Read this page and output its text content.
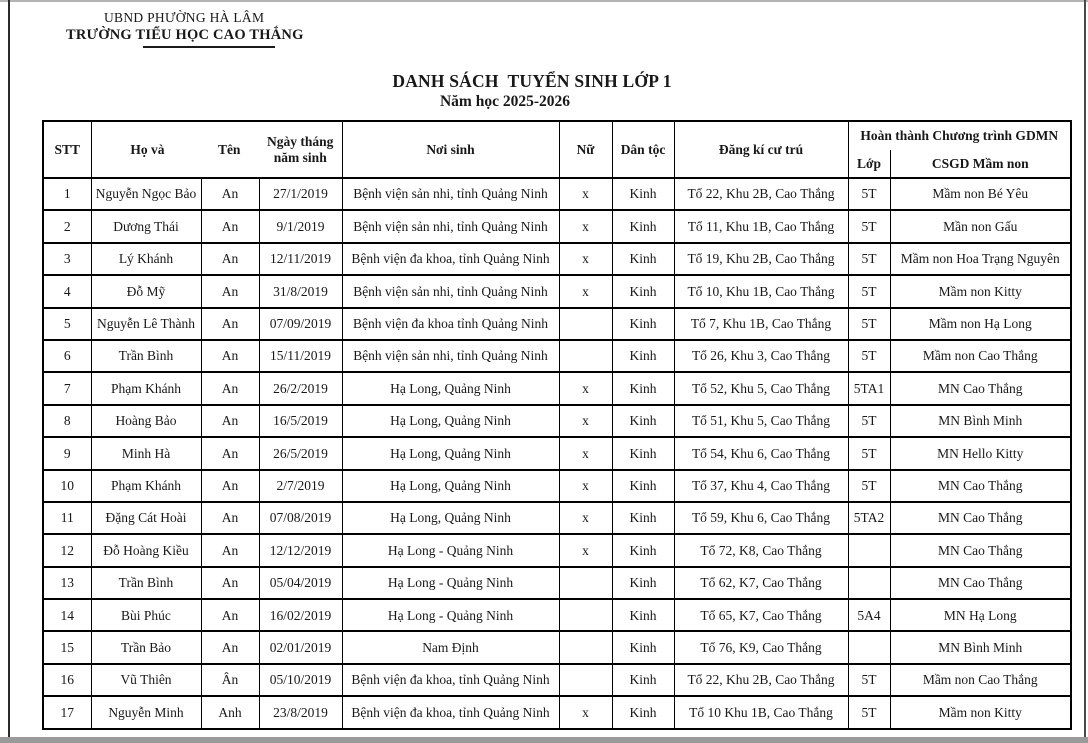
UBND PHƯỜNG HÀ LÂM
TRƯỜNG TIỂU HỌC CAO THẮNG
DANH SÁCH  TUYỂN SINH LỚP 1
Năm học 2025-2026
STT	Họ và Tên		Ngày tháng năm sinh	Nơi sinh	Nữ	Dân tộc	Đăng kí cư trú	Hoàn thành Chương trình GDMN	
								Lớp	CSGD Mầm non
1	Nguyễn Ngọc Bảo	An	27/1/2019	Bệnh viện sản nhi, tỉnh Quảng Ninh	x	Kinh	Tổ 22, Khu 2B, Cao Thắng	5T	Mầm non Bé Yêu
2	Dương Thái	An	9/1/2019	Bệnh viện sản nhi, tỉnh Quảng Ninh	x	Kinh	Tổ 11, Khu 1B, Cao Thắng	5T	Mần non Gấu
3	Lý Khánh	An	12/11/2019	Bệnh viện đa khoa, tỉnh Quảng Ninh	x	Kinh	Tổ 19, Khu 2B, Cao Thắng	5T	Mầm non Hoa Trạng Nguyên
4	Đỗ Mỹ	An	31/8/2019	Bệnh viện sản nhi, tỉnh Quảng Ninh	x	Kinh	Tổ 10, Khu 1B, Cao Thắng	5T	Mầm non Kitty
5	Nguyễn Lê Thành	An	07/09/2019	Bệnh viện đa khoa tỉnh Quảng Ninh		Kinh	Tổ 7, Khu 1B, Cao Thắng	5T	Mầm non Hạ Long
6	Trần Bình	An	15/11/2019	Bệnh viện sản nhi, tỉnh Quảng Ninh		Kinh	Tổ 26, Khu 3, Cao Thắng	5T	Mầm non Cao Thắng
7	Phạm Khánh	An	26/2/2019	Hạ Long, Quảng Ninh	x	Kinh	Tổ 52, Khu 5, Cao Thắng	5TA1	MN Cao Thắng
8	Hoàng Bảo	An	16/5/2019	Hạ Long, Quảng Ninh	x	Kinh	Tổ 51, Khu 5, Cao Thắng	5T	MN Bình Minh
9	Minh Hà	An	26/5/2019	Hạ Long, Quảng Ninh	x	Kinh	Tổ 54, Khu 6, Cao Thắng	5T	MN Hello Kitty
10	Phạm Khánh	An	2/7/2019	Hạ Long, Quảng Ninh	x	Kinh	Tổ 37, Khu 4, Cao Thắng	5T	MN Cao Thắng
11	Đặng Cát Hoài	An	07/08/2019	Hạ Long, Quảng Ninh	x	Kinh	Tổ 59, Khu 6, Cao Thắng	5TA2	MN Cao Thắng
12	Đỗ Hoàng Kiều	An	12/12/2019	Hạ Long - Quảng Ninh	x	Kinh	Tổ 72, K8, Cao Thắng		MN Cao Thắng
13	Trần Bình	An	05/04/2019	Hạ Long - Quảng Ninh		Kinh	Tổ 62, K7, Cao Thắng		MN Cao Thắng
14	Bùi Phúc	An	16/02/2019	Hạ Long - Quảng Ninh		Kinh	Tổ 65, K7, Cao Thắng	5A4	MN Hạ Long
15	Trần Bảo	An	02/01/2019	Nam Định		Kinh	Tổ 76, K9, Cao Thắng		MN Bình Minh
16	Vũ Thiên	Ân	05/10/2019	Bệnh viện đa khoa, tỉnh Quảng Ninh		Kinh	Tổ 22, Khu 2B, Cao Thắng	5T	Mầm non Cao Thắng
17	Nguyễn Minh	Anh	23/8/2019	Bệnh viện đa khoa, tỉnh Quảng Ninh	x	Kinh	Tổ 10 Khu 1B, Cao Thắng	5T	Mầm non Kitty
